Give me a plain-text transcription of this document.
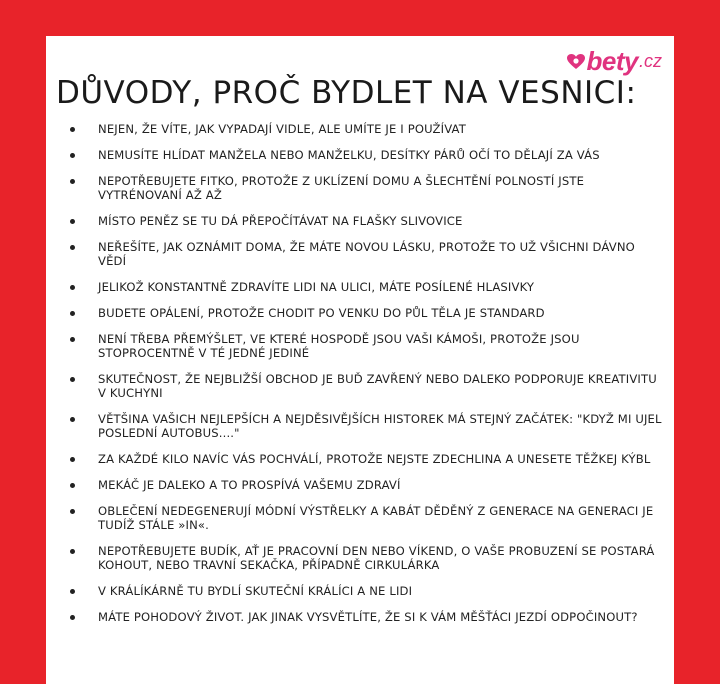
bety .cz
DŮVODY, PROČ BYDLET NA VESNICI:
NEJEN, ŽE VÍTE, JAK VYPADAJÍ VIDLE, ALE UMÍTE JE I POUŽÍVAT
NEMUSÍTE HLÍDAT MANŽELA NEBO MANŽELKU, DESÍTKY PÁRŮ OČÍ TO DĚLAJÍ ZA VÁS
NEPOTŘEBUJETE FITKO, PROTOŽE Z UKLÍZENÍ DOMU A ŠLECHTĚNÍ POLNOSTÍ JSTE VYTRÉNOVANÍ AŽ AŽ
MÍSTO PENĚZ SE TU DÁ PŘEPOČÍTÁVAT NA FLAŠKY SLIVOVICE
NEŘEŠÍTE, JAK OZNÁMIT DOMA, ŽE MÁTE NOVOU LÁSKU, PROTOŽE TO UŽ VŠICHNI DÁVNO VĚDÍ
JELIKOŽ KONSTANTNĚ ZDRAVÍTE LIDI NA ULICI, MÁTE POSÍLENÉ HLASIVKY
BUDETE OPÁLENÍ, PROTOŽE CHODIT PO VENKU DO PŮL TĚLA JE STANDARD
NENÍ TŘEBA PŘEMÝŠLET, VE KTERÉ HOSPODĚ JSOU VAŠI KÁMOŠI, PROTOŽE JSOU STOPROCENTNĚ V TÉ JEDNÉ JEDINÉ
SKUTEČNOST, ŽE NEJBLIŽŠÍ OBCHOD JE BUĎ ZAVŘENÝ NEBO DALEKO PODPORUJE KREATIVITU V KUCHYNI
VĚTŠINA VAŠICH NEJLEPŠÍCH A NEJDĚSIVĚJŠÍCH HISTOREK MÁ STEJNÝ ZAČÁTEK: "KDYŽ MI UJEL POSLEDNÍ AUTOBUS...."
ZA KAŽDÉ KILO NAVÍC VÁS POCHVÁLÍ, PROTOŽE NEJSTE ZDECHLINA A UNESETE TĚŽKEJ KÝBL
MEKÁČ JE DALEKO A TO PROSPÍVÁ VAŠEMU ZDRAVÍ
OBLEČENÍ NEDEGENERUJÍ MÓDNÍ VÝSTŘELKY A KABÁT DĚDĚNÝ Z GENERACE NA GENERACI JE TUDÍŽ STÁLE »IN«.
NEPOTŘEBUJETE BUDÍK, AŤ JE PRACOVNÍ DEN NEBO VÍKEND, O VAŠE PROBUZENÍ SE POSTARÁ KOHOUT, NEBO TRAVNÍ SEKAČKA, PŘÍPADNĚ CIRKULÁRKA
V KRÁLÍKÁRNĚ TU BYDLÍ SKUTEČNÍ KRÁLÍCI A NE LIDI
MÁTE POHODOVÝ ŽIVOT. JAK JINAK VYSVĚTLÍTE, ŽE SI K VÁM MĚŠŤÁCI JEZDÍ ODPOČINOUT?
